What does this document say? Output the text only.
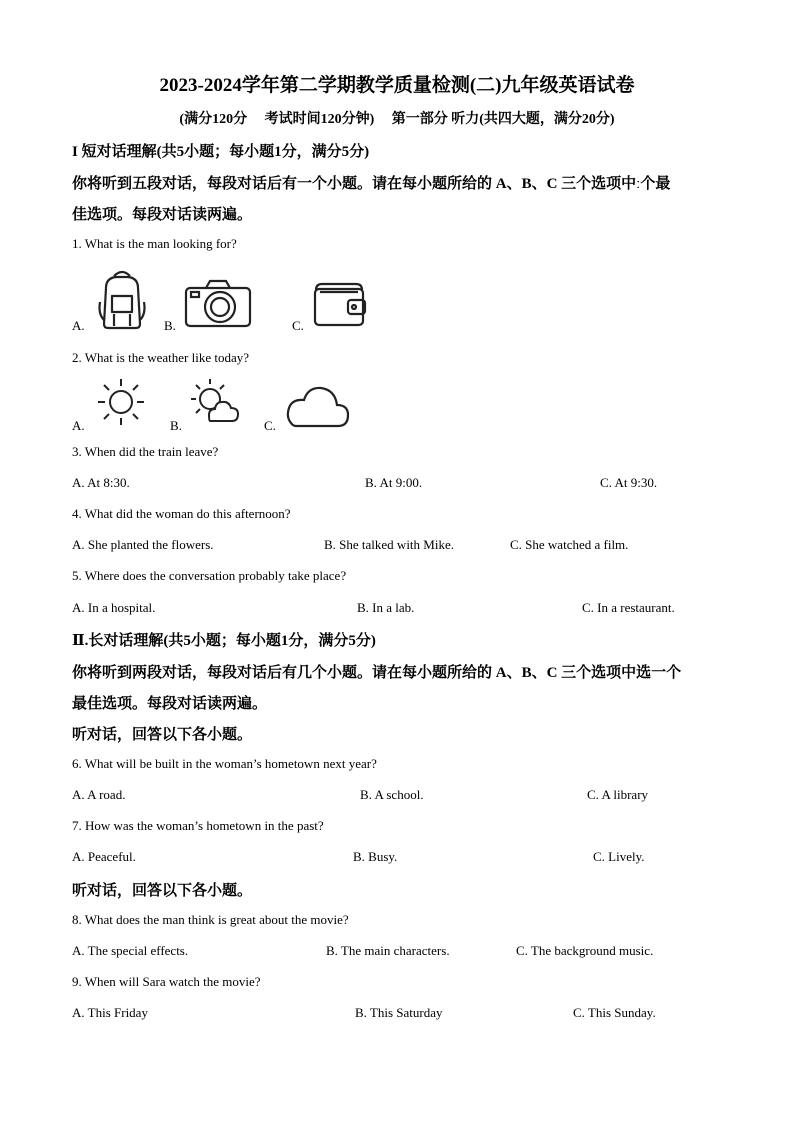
2023-2024学年第二学期教学质量检测(二)九年级英语试卷
(满分120分　 考试时间120分钟)　 第一部分 听力(共四大题，满分20分)
I 短对话理解(共5小题；每小题1分，满分5分)
你将听到五段对话，每段对话后有一个小题。请在每小题所给的 A、B、C 三个选项中ː个最
佳选项。每段对话读两遍。
1. What is the man looking for?
A.	B.	C.
2. What is the weather like today?
A.	B.	C.
3. When did the train leave?
A. At 8:30.	B. At 9:00.	C. At 9:30.
4. What did the woman do this afternoon?
A. She planted the flowers.	B. She talked with Mike.	C. She watched a film.
5. Where does the conversation probably take place?
A. In a hospital.	B. In a lab.	C. In a restaurant.
Ⅱ.长对话理解(共5小题；每小题1分，满分5分)
你将听到两段对话，每段对话后有几个小题。请在每小题所给的 A、B、C 三个选项中选一个
最佳选项。每段对话读两遍。
听对话，回答以下各小题。
6. What will be built in the woman’s hometown next year?
A. A road.	B. A school.	C. A library
7. How was the woman’s hometown in the past?
A. Peaceful.	B. Busy.	C. Lively.
听对话，回答以下各小题。
8. What does the man think is great about the movie?
A. The special effects.	B. The main characters.	C. The background music.
9. When will Sara watch the movie?
A. This Friday	B. This Saturday	C. This Sunday.
